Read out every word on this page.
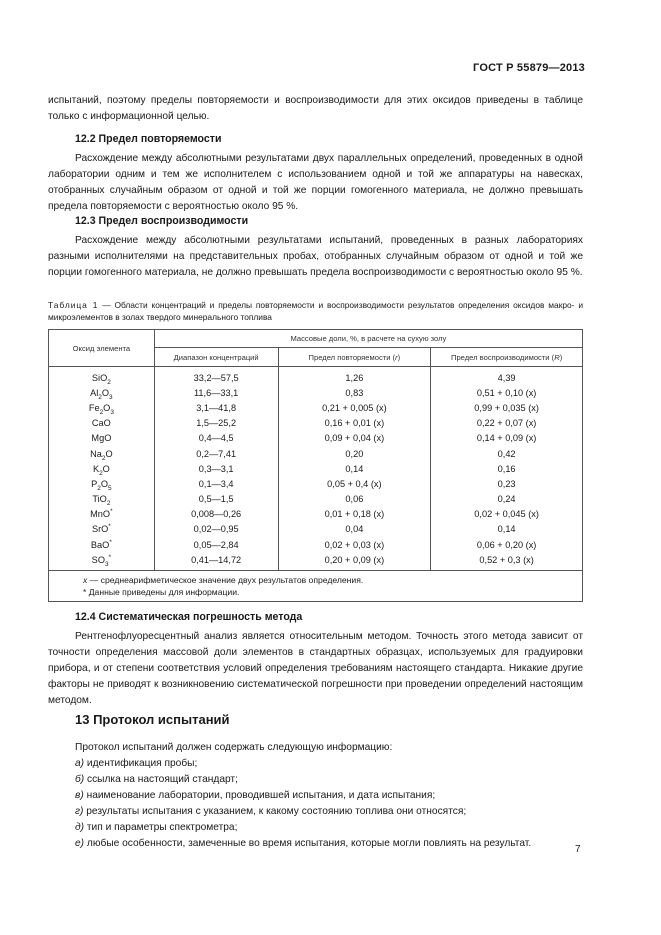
ГОСТ Р 55879—2013

испытаний, поэтому пределы повторяемости и воспроизводимости для этих оксидов приведены в таблице только с информационной целью.

12.2 Предел повторяемости

Расхождение между абсолютными результатами двух параллельных определений, проведенных в одной лаборатории одним и тем же исполнителем с использованием одной и той же аппаратуры на навесках, отобранных случайным образом от одной и той же порции гомогенного материала, не должно превышать предела повторяемости с вероятностью около 95 %.

12.3 Предел воспроизводимости

Расхождение между абсолютными результатами испытаний, проведенных в разных лабораториях разными исполнителями на представительных пробах, отобранных случайным образом от одной и той же порции гомогенного материала, не должно превышать предела воспроизводимости с вероятностью около 95 %.

Таблица 1 — Области концентраций и пределы повторяемости и воспроизводимости результатов определения оксидов макро- и микроэлементов в золах твердого минерального топлива

Оксид элемента	Массовые доли, %, в расчете на сухую золу		
	Диапазон концентраций	Предел повторяемости (r)	Предел воспроизводимости (R)
SiO$_2$	33,2—57,5	1,26	4,39
$Al_2O_3$	11,6—33,1	0,83	0,51 + 0,10 (x)
$Fe_2O_3$	3,1—41,8	0,21 + 0,005 (x)	0,99 + 0,035 (x)
CaO	1,5—25,2	0,16 + 0,01 (x)	0,22 + 0,07 (x)
MgO	0,4—4,5	0,09 + 0,04 (x)	0,14 + 0,09 (x)
$Na_2O$	0,2—7,41	0,20	0,42
$K_2O$	0,3—3,1	0,14	0,16
$P_2O_5$	0,1—3,4	0,05 + 0,4 (x)	0,23
TiO$_2$	0,5—1,5	0,06	0,24
MnO*	0,008—0,26	0,01 + 0,18 (x)	0,02 + 0,045 (x)
SrO*	0,02—0,95	0,04	0,14
BaO*	0,05—2,84	0,02 + 0,03 (x)	0,06 + 0,20 (x)
$SO_3^*$	0,41—14,72	0,20 + 0,09 (x)	0,52 + 0,3 (x)

x — среднеарифметическое значение двух результатов определения.
* Данные приведены для информации.			
12.4 Систематическая погрешность метода

Рентгенофлуоресцентный анализ является относительным методом. Точность этого метода зависит от точности определения массовой доли элементов в стандартных образцах, используемых для градуировки прибора, и от степени соответствия условий определения требованиям настоящего стандарта. Никакие другие факторы не приводят к возникновению систематической погрешности при проведении определений настоящим методом.

13 Протокол испытаний

Протокол испытаний должен содержать следующую информацию:

а) идентификация пробы;
б) ссылка на настоящий стандарт;
в) наименование лаборатории, проводившей испытания, и дата испытания;
г) результаты испытания с указанием, к какому состоянию топлива они относятся;
д) тип и параметры спектрометра;
е) любые особенности, замеченные во время испытания, которые могли повлиять на результат.
7
